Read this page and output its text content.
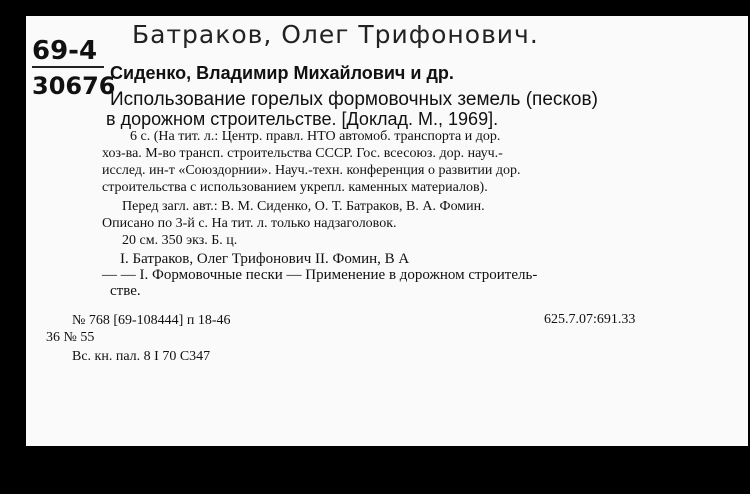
Батраков, Олег Трифонович.
69-4
30676
Сиденко, Владимир Михайлович и др.
Использование горелых формовочных земель (песков)
в дорожном строительстве. [Доклад. М., 1969].
6 с. (На тит. л.: Центр. правл. НТО автомоб. транспорта и дор.
хоз-ва. М-во трансп. строительства СССР. Гос. всесоюз. дор. науч.-
исслед. ин-т «Союздорнии». Науч.-техн. конференция о развитии дор.
строительства с использованием укрепл. каменных материалов).
Перед загл. авт.: В. М. Сиденко, О. Т. Батраков, В. А. Фомин.
Описано по 3-й с. На тит. л. только надзаголовок.
20 см. 350 экз. Б. ц.
I. Батраков, Олег Трифонович II. Фомин, В А
— — I. Формовочные пески — Применение в дорожном строитель-
стве.
№ 768 [69-108444] п 18-46	625.7.07:691.33
36 № 55
Вс. кн. пал. 8 I 70 С347
